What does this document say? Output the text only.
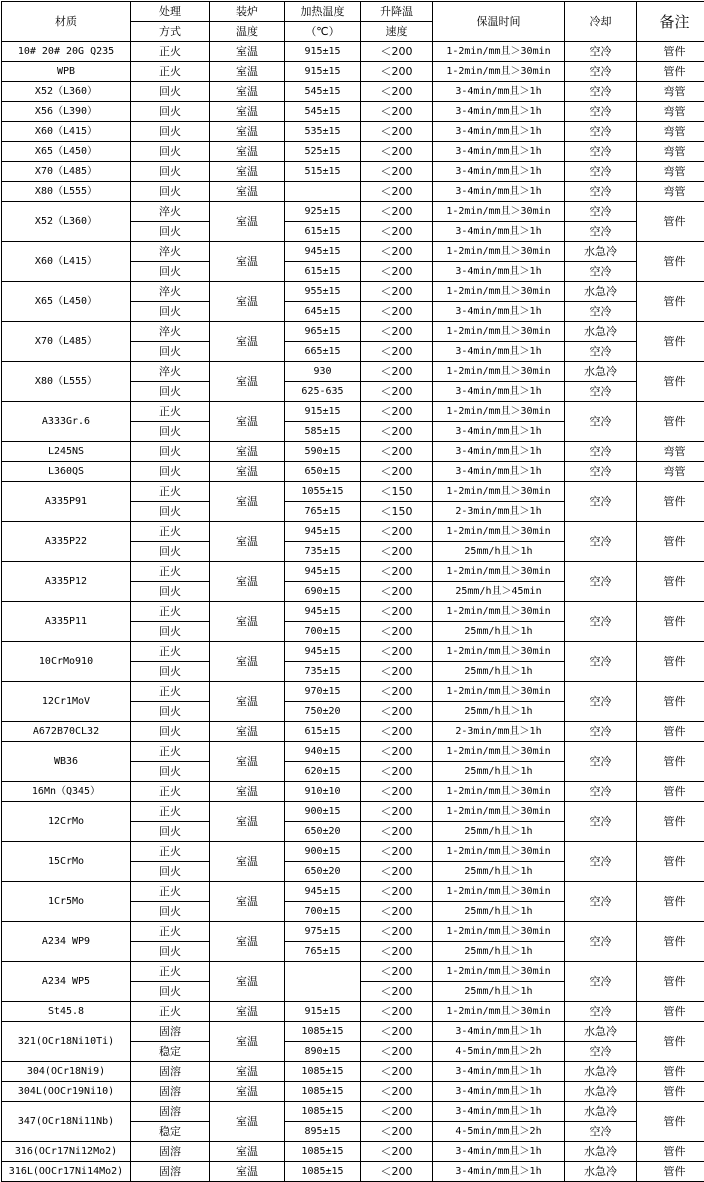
材质	处理	装炉	加热温度	升降温	保温时间	冷却	备注
	方式	温度	（℃）	速度			
10# 20# 20G Q235	正火	室温	915±15	＜200	1-2min/mm且＞30min	空冷	管件
WPB	正火	室温	915±15	＜200	1-2min/mm且＞30min	空冷	管件
X52（L360）	回火	室温	545±15	＜200	3-4min/mm且＞1h	空冷	弯管
X56（L390）	回火	室温	545±15	＜200	3-4min/mm且＞1h	空冷	弯管
X60（L415）	回火	室温	535±15	＜200	3-4min/mm且＞1h	空冷	弯管
X65（L450）	回火	室温	525±15	＜200	3-4min/mm且＞1h	空冷	弯管
X70（L485）	回火	室温	515±15	＜200	3-4min/mm且＞1h	空冷	弯管
X80（L555）	回火	室温		＜200	3-4min/mm且＞1h	空冷	弯管
X52（L360）	淬火	室温	925±15	＜200	1-2min/mm且＞30min	空冷	管件
	回火		615±15	＜200	3-4min/mm且＞1h	空冷	
X60（L415）	淬火	室温	945±15	＜200	1-2min/mm且＞30min	水急冷	管件
	回火		615±15	＜200	3-4min/mm且＞1h	空冷	
X65（L450）	淬火	室温	955±15	＜200	1-2min/mm且＞30min	水急冷	管件
	回火		645±15	＜200	3-4min/mm且＞1h	空冷	
X70（L485）	淬火	室温	965±15	＜200	1-2min/mm且＞30min	水急冷	管件
	回火		665±15	＜200	3-4min/mm且＞1h	空冷	
X80（L555）	淬火	室温	930	＜200	1-2min/mm且＞30min	水急冷	管件
	回火		625-635	＜200	3-4min/mm且＞1h	空冷	
A333Gr.6	正火	室温	915±15	＜200	1-2min/mm且＞30min	空冷	管件
	回火		585±15	＜200	3-4min/mm且＞1h		
L245NS	回火	室温	590±15	＜200	3-4min/mm且＞1h	空冷	弯管
L360QS	回火	室温	650±15	＜200	3-4min/mm且＞1h	空冷	弯管
A335P91	正火	室温	1055±15	＜150	1-2min/mm且＞30min	空冷	管件
	回火		765±15	＜150	2-3min/mm且＞1h		
A335P22	正火	室温	945±15	＜200	1-2min/mm且＞30min	空冷	管件
	回火		735±15	＜200	25mm/h且＞1h		
A335P12	正火	室温	945±15	＜200	1-2min/mm且＞30min	空冷	管件
	回火		690±15	＜200	25mm/h且＞45min		
A335P11	正火	室温	945±15	＜200	1-2min/mm且＞30min	空冷	管件
	回火		700±15	＜200	25mm/h且＞1h		
10CrMo910	正火	室温	945±15	＜200	1-2min/mm且＞30min	空冷	管件
	回火		735±15	＜200	25mm/h且＞1h		
12Cr1MoV	正火	室温	970±15	＜200	1-2min/mm且＞30min	空冷	管件
	回火		750±20	＜200	25mm/h且＞1h		
A672B70CL32	回火	室温	615±15	＜200	2-3min/mm且＞1h	空冷	管件
WB36	正火	室温	940±15	＜200	1-2min/mm且＞30min	空冷	管件
	回火		620±15	＜200	25mm/h且＞1h		
16Mn（Q345）	正火	室温	910±10	＜200	1-2min/mm且＞30min	空冷	管件
12CrMo	正火	室温	900±15	＜200	1-2min/mm且＞30min	空冷	管件
	回火		650±20	＜200	25mm/h且＞1h		
15CrMo	正火	室温	900±15	＜200	1-2min/mm且＞30min	空冷	管件
	回火		650±20	＜200	25mm/h且＞1h		
1Cr5Mo	正火	室温	945±15	＜200	1-2min/mm且＞30min	空冷	管件
	回火		700±15	＜200	25mm/h且＞1h		
A234 WP9	正火	室温	975±15	＜200	1-2min/mm且＞30min	空冷	管件
	回火		765±15	＜200	25mm/h且＞1h		
A234 WP5	正火	室温		＜200	1-2min/mm且＞30min	空冷	管件
	回火			＜200	25mm/h且＞1h		
St45.8	正火	室温	915±15	＜200	1-2min/mm且＞30min	空冷	管件
321(OCr18Ni10Ti)	固溶	室温	1085±15	＜200	3-4min/mm且＞1h	水急冷	管件
	稳定		890±15	＜200	4-5min/mm且＞2h	空冷	
304(OCr18Ni9)	固溶	室温	1085±15	＜200	3-4min/mm且＞1h	水急冷	管件
304L(OOCr19Ni10)	固溶	室温	1085±15	＜200	3-4min/mm且＞1h	水急冷	管件
347(OCr18Ni11Nb)	固溶	室温	1085±15	＜200	3-4min/mm且＞1h	水急冷	管件
	稳定		895±15	＜200	4-5min/mm且＞2h	空冷	
316(OCr17Ni12Mo2)	固溶	室温	1085±15	＜200	3-4min/mm且＞1h	水急冷	管件
316L(OOCr17Ni14Mo2)	固溶	室温	1085±15	＜200	3-4min/mm且＞1h	水急冷	管件
